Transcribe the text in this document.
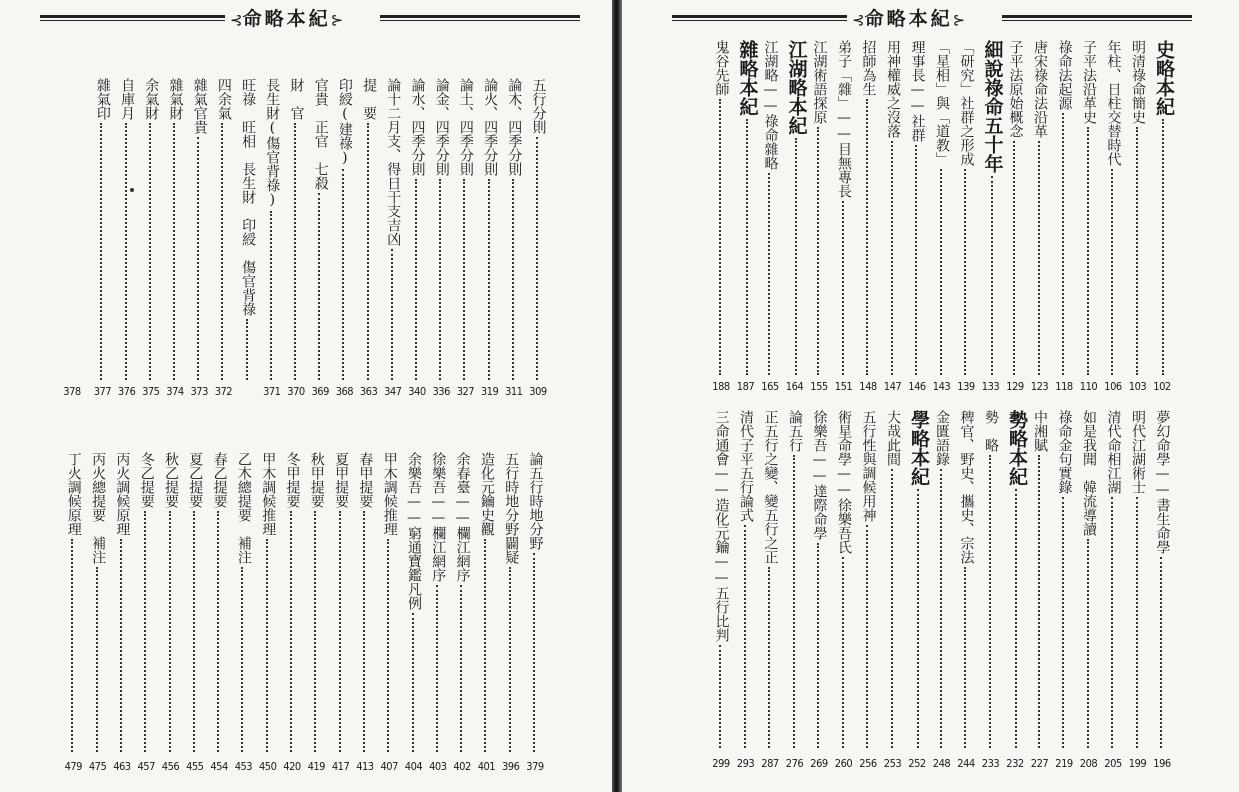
⊰命略本紀⊱
五行分則
309
論木、四季分則
311
論火、四季分則
319
論土、四季分則
327
論金、四季分則
336
論水、四季分則
340
論十二月支、得日干支吉凶
347
提　要
363
印綬(建祿)
368
官貴　正官　七殺
369
財　官
370
長生財(傷官背祿)
371
旺祿　旺相　長生財　印綬　傷官背祿
四余氣
372
雜氣官貴
373
雜氣財
374
余氣財
375
自庫月
376
雜氣印
377
378
論五行時地分野
379
五行時地分野闢疑
396
造化元鑰史觀
401
余春臺——欄江網序
402
徐樂吾——欄江網序
403
余樂吾——窮通寶鑑凡例
404
甲木調候推理
407
春甲提要
413
夏甲提要
417
秋甲提要
419
冬甲提要
420
甲木調候推理
450
乙木總提要　補注
453
春乙提要
454
夏乙提要
455
秋乙提要
456
冬乙提要
457
丙火調候原理
463
丙火總提要　補注
475
丁火調候原理
479
⊰命略本紀⊱
史略本紀
102
明清祿命簡史
103
年柱、日柱交替時代
106
子平法沿革史
110
祿命法起源
118
唐宋祿命法沿革
123
子平法原始概念
129
細說祿命五十年
133
「研究」社群之形成
139
「星相」與「道教」
143
理事長——社群
146
用神權威之沒落
147
招師為生
148
弟子「雜」——目無專長
151
江湖術語探原
155
江湖略本紀
164
江湖略——祿命雜略
165
雜略本紀
187
鬼谷先師
188
夢幻命學——書生命學
196
明代江湖術士
199
清代命相江湖
205
如是我聞　韓流導讀
208
祿命金句實錄
219
中湘賦
227
勢略本紀
232
勢　略
233
稗官、野史、攜史、宗法
244
金匱語錄
248
學略本紀
252
大哉此間
253
五行性與調候用神
256
術星命學——徐樂吾氏
260
徐樂吾——達際命學
269
論五行
276
正五行之變、變五行之正
287
清代子平五行論式
293
三命通會——造化元鑰——五行比判
299
